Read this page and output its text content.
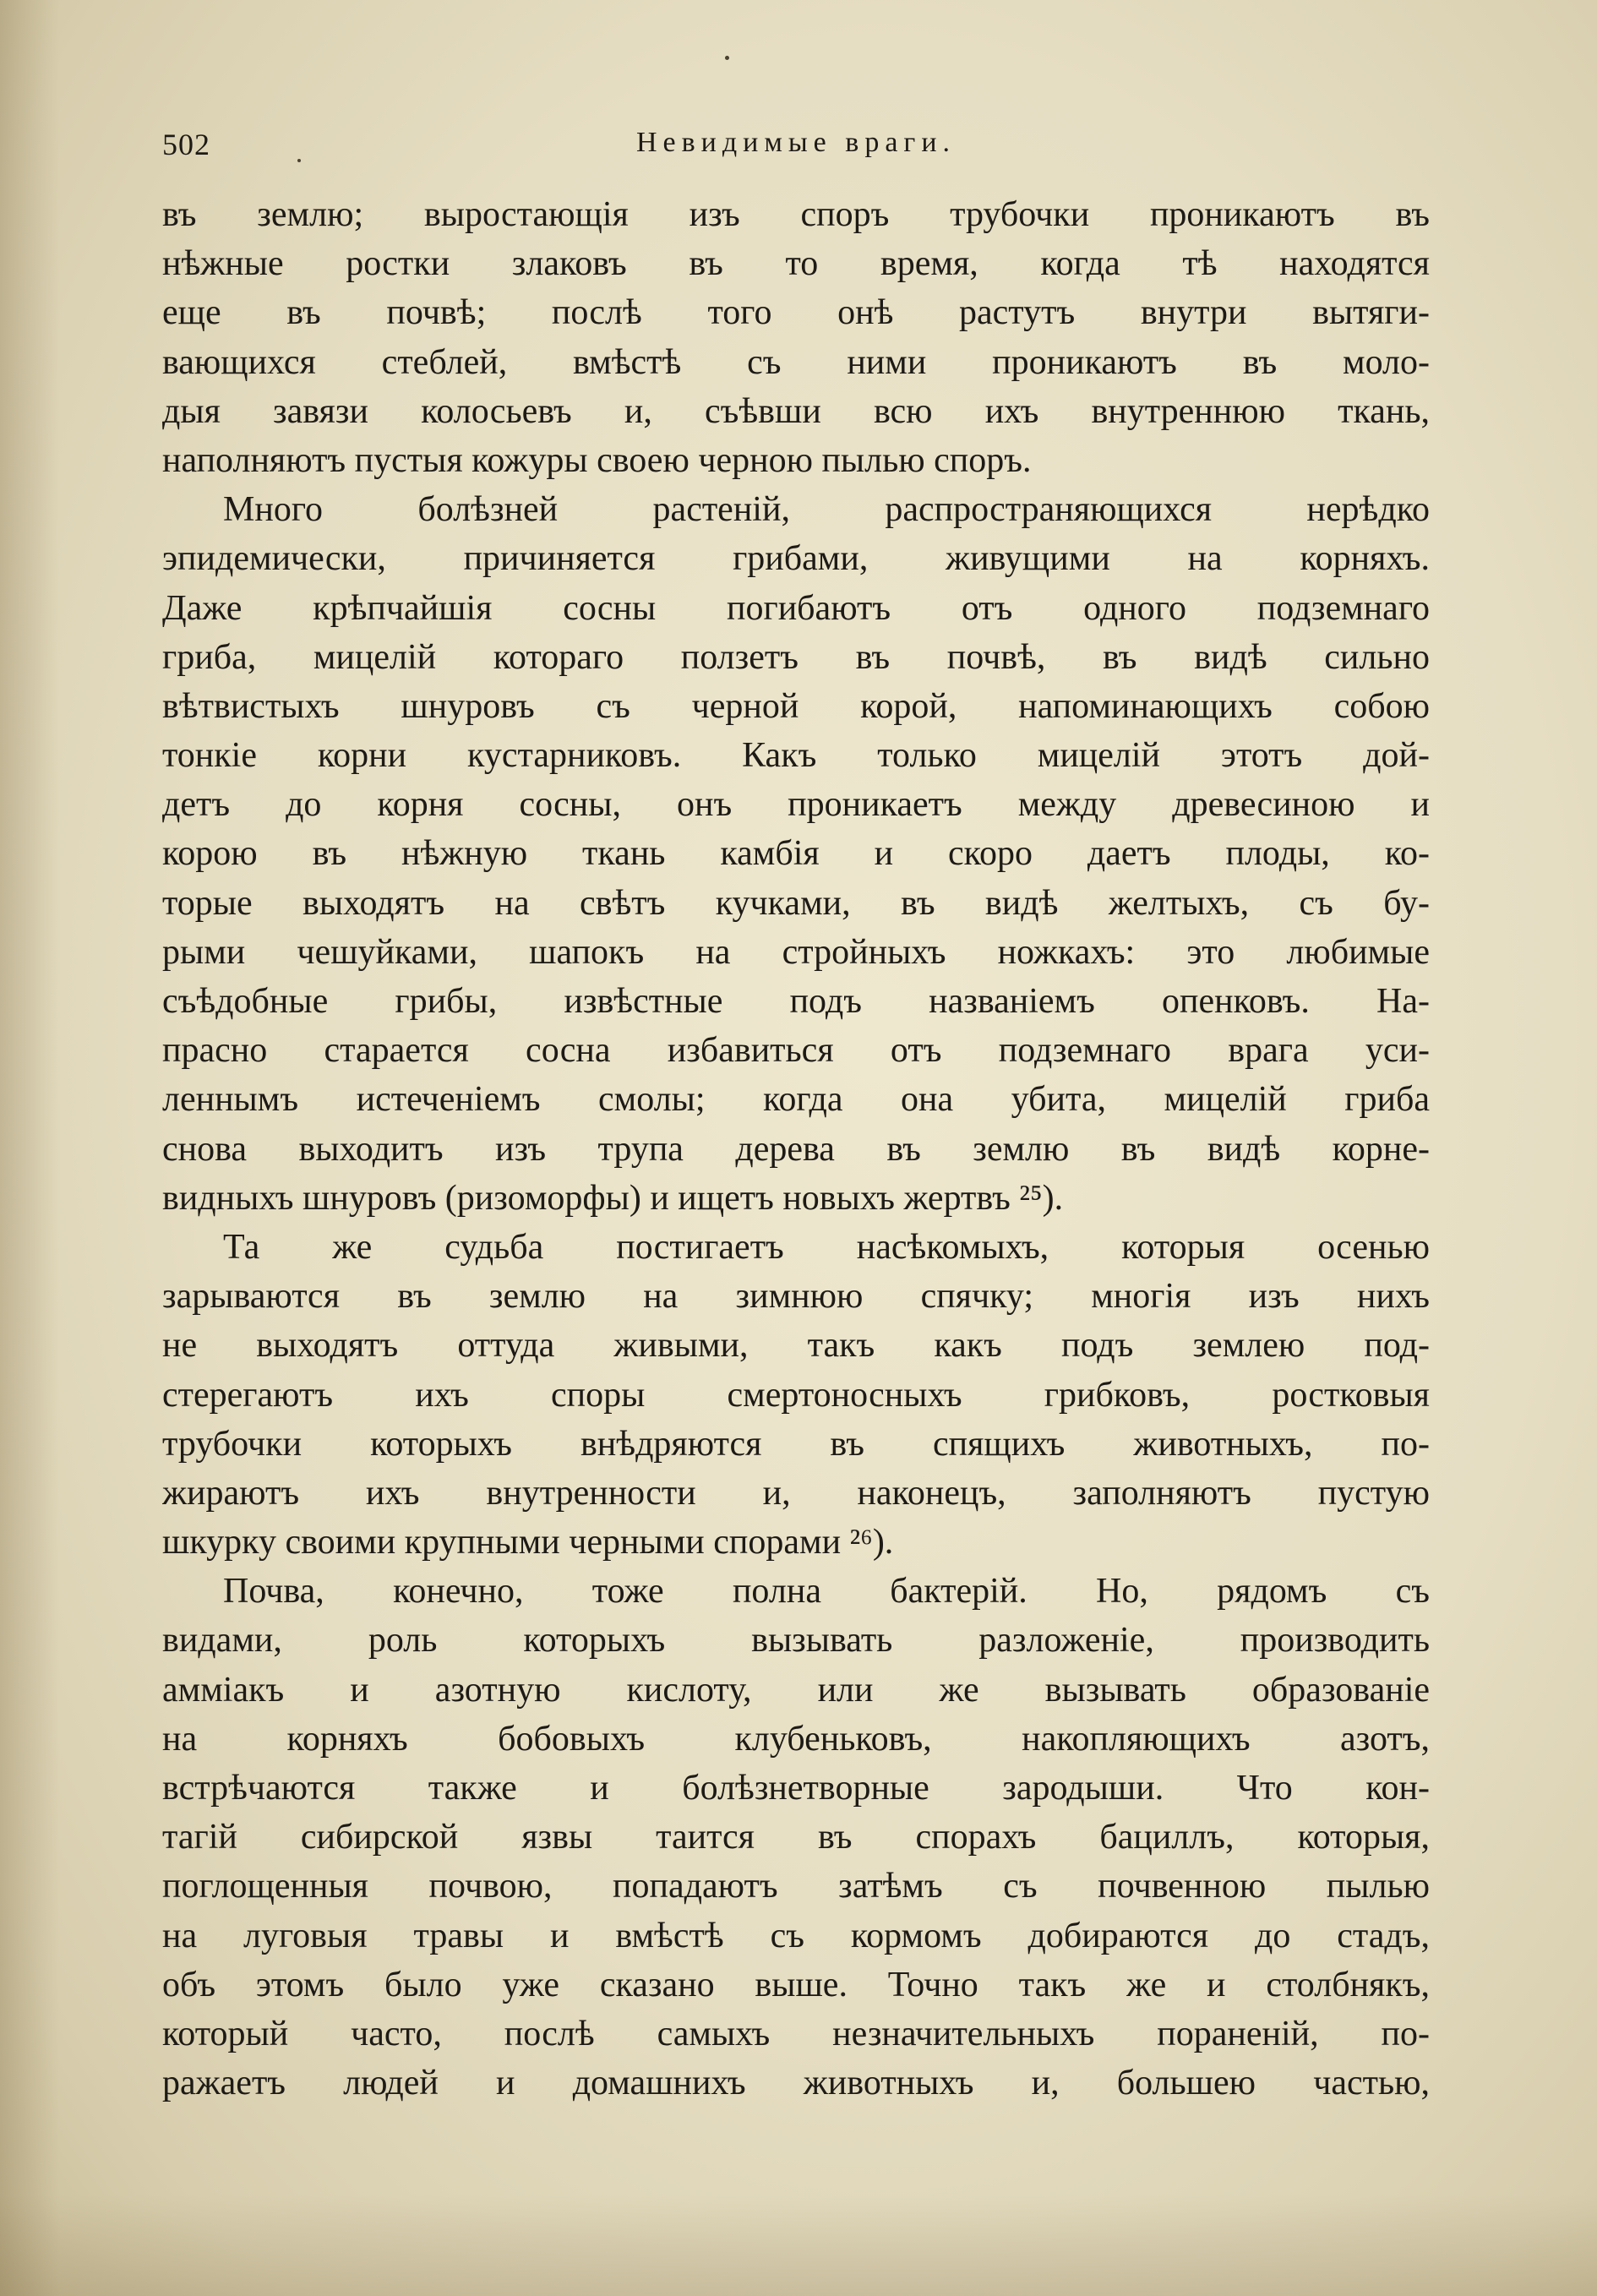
Невидимые враги.
502
въ землю; выростающія изъ споръ трубочки проникаютъ въ
нѣжные ростки злаковъ въ то время, когда тѣ находятся
еще въ почвѣ; послѣ того онѣ растутъ внутри вытяги-
вающихся стеблей, вмѣстѣ съ ними проникаютъ въ моло-
дыя завязи колосьевъ и, съѣвши всю ихъ внутреннюю ткань,
наполняютъ пустыя кожуры своею черною пылью споръ.
Много болѣзней растеній, распространяющихся нерѣдко
эпидемически, причиняется грибами, живущими на корняхъ.
Даже крѣпчайшія сосны погибаютъ отъ одного подземнаго
гриба, мицелій котораго ползетъ въ почвѣ, въ видѣ сильно
вѣтвистыхъ шнуровъ съ черной корой, напоминающихъ собою
тонкіе корни кустарниковъ. Какъ только мицелій этотъ дой-
детъ до корня сосны, онъ проникаетъ между древесиною и
корою въ нѣжную ткань камбія и скоро даетъ плоды, ко-
торые выходятъ на свѣтъ кучками, въ видѣ желтыхъ, съ бу-
рыми чешуйками, шапокъ на стройныхъ ножкахъ: это любимые
съѣдобные грибы, извѣстные подъ названіемъ опенковъ. На-
прасно старается сосна избавиться отъ подземнаго врага уси-
леннымъ истеченіемъ смолы; когда она убита, мицелій гриба
снова выходитъ изъ трупа дерева въ землю въ видѣ корне-
видныхъ шнуровъ (ризоморфы) и ищетъ новыхъ жертвъ ²⁵).
Та же судьба постигаетъ насѣкомыхъ, которыя осенью
зарываются въ землю на зимнюю спячку; многія изъ нихъ
не выходятъ оттуда живыми, такъ какъ подъ землею под-
стерегаютъ ихъ споры смертоносныхъ грибковъ, ростковыя
трубочки которыхъ внѣдряются въ спящихъ животныхъ, по-
жираютъ ихъ внутренности и, наконецъ, заполняютъ пустую
шкурку своими крупными черными спорами ²⁶).
Почва, конечно, тоже полна бактерій. Но, рядомъ съ
видами, роль которыхъ вызывать разложеніе, производить
амміакъ и азотную кислоту, или же вызывать образованіе
на корняхъ бобовыхъ клубеньковъ, накопляющихъ азотъ,
встрѣчаются также и болѣзнетворные зародыши. Что кон-
тагій сибирской язвы таится въ спорахъ бациллъ, которыя,
поглощенныя почвою, попадаютъ затѣмъ съ почвенною пылью
на луговыя травы и вмѣстѣ съ кормомъ добираются до стадъ,
объ этомъ было уже сказано выше. Точно такъ же и столбнякъ,
который часто, послѣ самыхъ незначительныхъ пораненій, по-
ражаетъ людей и домашнихъ животныхъ и, большею частью,
